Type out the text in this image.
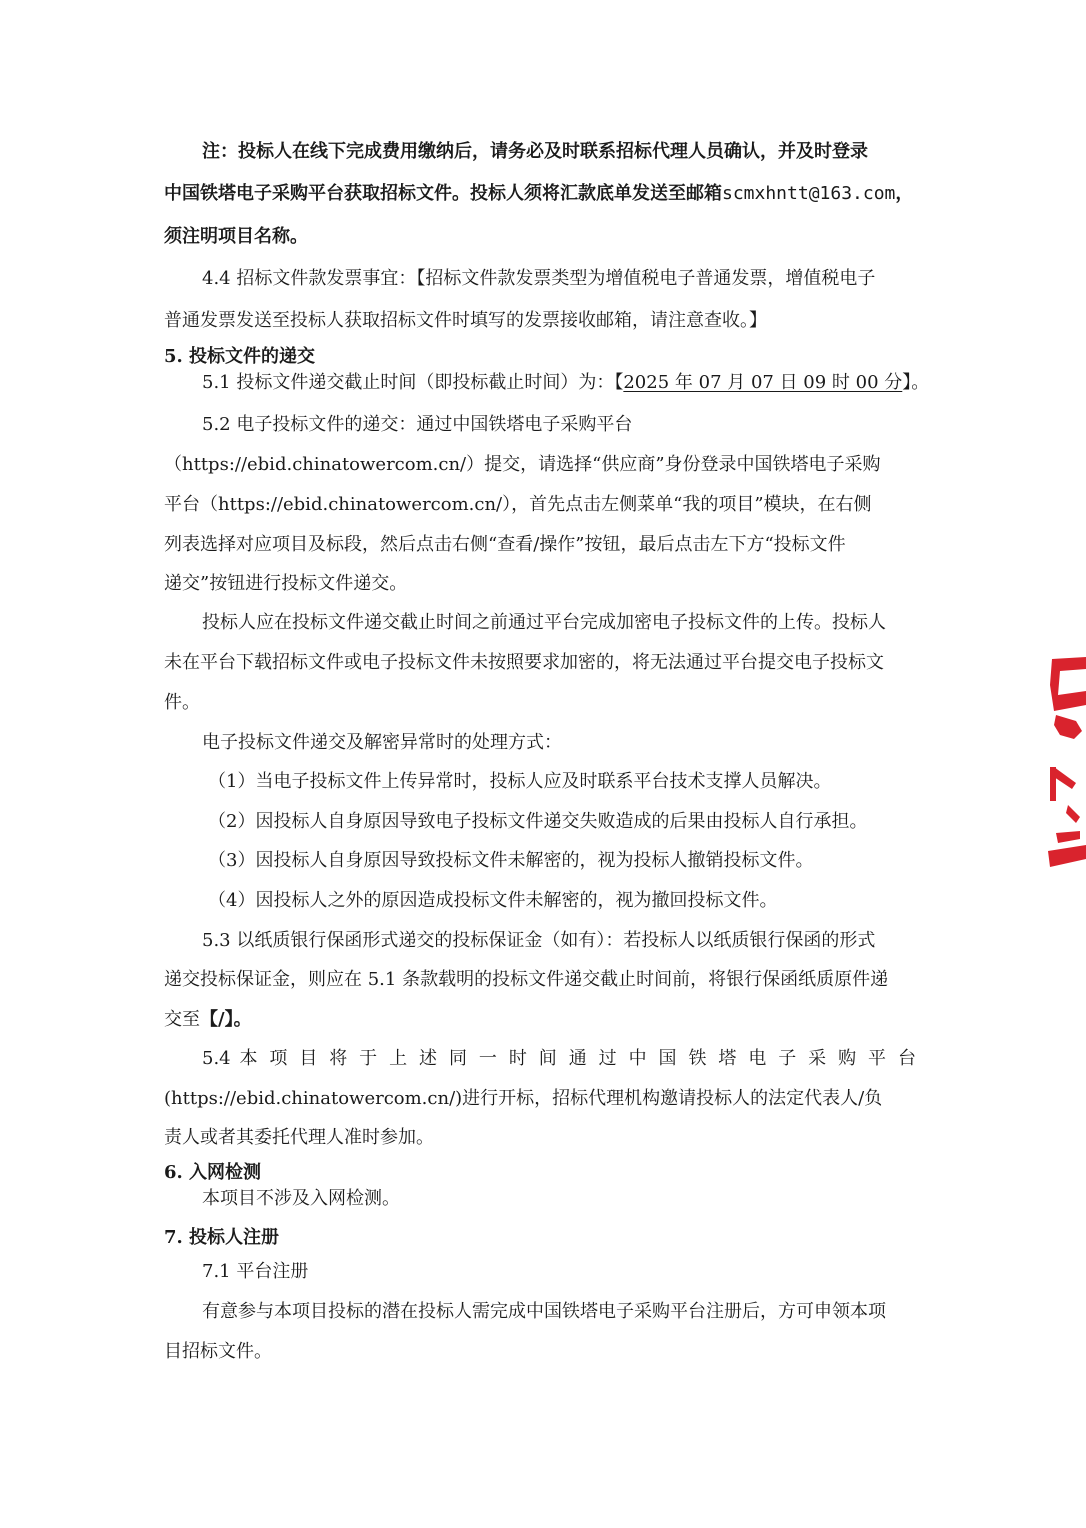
注：投标人在线下完成费用缴纳后，请务必及时联系招标代理人员确认，并及时登录
中国铁塔电子采购平台获取招标文件。投标人须将汇款底单发送至邮箱scmxhntt@163.com，
须注明项目名称。
4.4 招标文件款发票事宜：【招标文件款发票类型为增值税电子普通发票，增值税电子
普通发票发送至投标人获取招标文件时填写的发票接收邮箱，请注意查收。】
5. 投标文件的递交
5.1 投标文件递交截止时间（即投标截止时间）为：【2025 年 07 月 07 日 09 时 00 分】。
5.2 电子投标文件的递交：通过中国铁塔电子采购平台
（https://ebid.chinatowercom.cn/）提交，请选择“供应商”身份登录中国铁塔电子采购
平台（https://ebid.chinatowercom.cn/），首先点击左侧菜单“我的项目”模块，在右侧
列表选择对应项目及标段，然后点击右侧“查看/操作”按钮，最后点击左下方“投标文件
递交”按钮进行投标文件递交。
投标人应在投标文件递交截止时间之前通过平台完成加密电子投标文件的上传。投标人
未在平台下载招标文件或电子投标文件未按照要求加密的，将无法通过平台提交电子投标文
件。
电子投标文件递交及解密异常时的处理方式：
（1）当电子投标文件上传异常时，投标人应及时联系平台技术支撑人员解决。
（2）因投标人自身原因导致电子投标文件递交失败造成的后果由投标人自行承担。
（3）因投标人自身原因导致投标文件未解密的，视为投标人撤销投标文件。
（4）因投标人之外的原因造成投标文件未解密的，视为撤回投标文件。
5.3 以纸质银行保函形式递交的投标保证金（如有）：若投标人以纸质银行保函的形式
递交投标保证金，则应在 5.1 条款载明的投标文件递交截止时间前，将银行保函纸质原件递
交至【/】。
5.4 本 项 目 将 于 上 述 同 一 时 间 通 过 中 国 铁 塔 电 子 采 购 平 台
(https://ebid.chinatowercom.cn/)进行开标，招标代理机构邀请投标人的法定代表人/负
责人或者其委托代理人准时参加。
6. 入网检测
本项目不涉及入网检测。
7. 投标人注册
7.1 平台注册
有意参与本项目投标的潜在投标人需完成中国铁塔电子采购平台注册后，方可申领本项
目招标文件。
